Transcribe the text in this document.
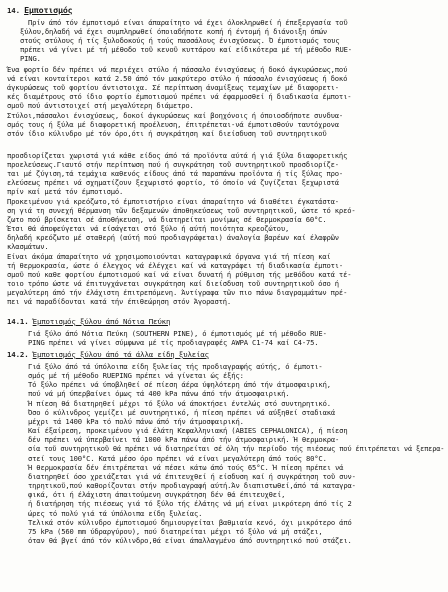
14. Εμποτισμός
Πρίν άπό τόν έμποτισμό είναι άπαραίτητο νά έχει όλοκληρωθεί ή έπεξεργασία τοῦ
ξύλου,δηλαδή νά έχει συμπληρωθεί όποιαδήποτε κοπή ή έντομή ή διάνοιξη όπών
στούς στύλους ή τίς ξυλοδοκούς ή τούς πασσάλους ένισχύσεως. Ό έμποτισμός τους
πρέπει νά γίνει μέ τή μέθοδο τοῦ κενοῦ κυττάρου καί είδικότερα μέ τή μέθοδο RUE-
PING.
Ένα φορτίο δέν πρέπει νά περιέχει στύλο ή πάσσαλο ένισχύσεως ή δοκό άγκυρώσεως,πού
νά είναι κονταίτεροι κατά 2.50 άπό τόν μακρύτερο στύλο ή πάσσαλο ένισχύσεως ή δοκό
άγκυρώσεως τοῦ φορτίου άντιστοιχα. Σέ περίπτωση άναμίξεως τεμαχίων μέ διαφορετι-
κές διαμέτρους στό ίδιο φορτίο έμποτισμού πρέπει νά έφαρμοσθεί ή διαδικασία έμποτι-
σμοῦ πού άντιστοιχεί στή μεγαλύτερη διάμετρο.
Στύλοι,πάσσαλοι ένισχύσεως, δοκοί άγκυρώσεως καί βοηχόνοις ή όποιοσδήποτε συνδυα-
σμός τους ή ξύλα μέ διαφορετική προέλευση, έπιτρέπεται-νά έμποτισθούν ταυτόχρονα
στόν ίδιο κύλινδρο μέ τόν όρο,ότι ή συγκράτηση καί διείσδυση τοῦ συντηρητικοῦ
προσδιορίζεται χωριστά γιά κάθε είδος άπό τά προϊόντα αύτά ή γιά ξύλα διαφορετικής
προελεύσεως.Γιαυτό στήν περίπτωση πού ή συγκράτηση τοῦ συντηρητικοῦ προσδιορίζε-
ται μέ ζύγιση,τά τεμάχια καθενός είδους άπό τά παραπάνω προϊόντα ή τίς ξύλας προ-
ελεύσεως πρέπει νά σχηματίζουν ξεχωριστό φορτίο, τό όποίο νά ζυγίζεται ξεχωριστά
πρίν καί μετά τόν έμποτισμό.
Προκειμένου γιά κρεόζωτο,τό έμποτιστήριο είναι άπαραίτητο νά διαθέτει έγκατάστα-
ση γιά τη συνεχή θέρμανση τῶν δεξαμενών άποθηκεύσεως τοῦ συντηρητικοῦ, ώστε τό κρεό-
ζωτο πού βρίσκεται σέ άποθήκευση, νά διατηρείται μονίμως σέ θερμοκρασία 60°C.
Έτσι θά άποφεύγεται νά είσάγεται στό ξύλο ή αύτή ποιότητα κρεοζώτου,
δηλαδή κρεόζωτο μέ σταθερή (αύτή πού προδιαγράφεται) άναλογία βαρέων καί έλαφρῶν
κλασμάτων.
Είναι άκόμα άπαραίτητο νά χρησιμοποιούνται καταγραφικά όργανα γιά τή πίεση καί
τή θερμοκρασία, ώστε ό έλεγχος νά έλέγχει καί νά καταγράφει τή διαδικασία έμποτι-
σμοῦ πού καθε φορτίου έμποτισμού καί νά είναι δυνατή ή ρύθμιση τής μεθόδου κατά τέ-
τοιο τρόπο ώστε νά έπιτυγχάνεται συγκράτηση καί διείσδυση τοῦ συντηρητικοῦ όσο ή
μεγαλύτερη άπό τήν έλάχιστη έπιτρεπόμενη. Άντίγραφα τῶν πιο πάνω διαγραμμάτων πρέ-
πει νά παραδίδονται κατά τήν έπιθεώρηση στόν Άγοραστή.
14.1. Έμποτισμός ξύλου άπό Νότια Πεύκη
Γιά ξύλο άπό Νότια Πεύκη (SOUTHERN PINE), ό έμποτισμός μέ τή μέθοδο RUE-
PING πρέπει νά γίνει σύμφωνα μέ τίς προδιαγραφές AWPA C1-74 καί C4-75.
14.2. Έμποτισμός ξύλου άπό τά άλλα είδη ξυλείας
Γιά ξύλο άπό τά ύπόλοιπα είδη ξυλείας τής προδιαγραφής αύτής, ό έμποτι-
σμός μέ τή μέθοδο RUEPING πρέπει νά γίνεται ώς έξής:
Τό ξύλο πρέπει νά ύποβληθεί σέ πίεση άέρα ύψηλότερη άπό τήν άτμοσφαιρική,
πού νά μή ύπερβαίνει όμως τά 400 kPa πάνω άπό τήν άτμοσφαιρική.
Ή πίεση θά διατηρηθεί μέχρι τό ξύλο νά άποκτήσει έντελώς στό συντηρητικό.
Όσο ό κύλινδρος γεμίζει μέ συντηρητικό, ή πίεση πρέπει νά αύξηθεί σταδιακά
μέχρι τά 1400 kPa τό πολύ πάνω άπό τήν άτμοσφαιρική.
Καί έξαίρεση, προκειμένου γιά έλάτη Κεφαλληνιακή (ABIES CEPHALONICA), ή πίεση
δέν πρέπει νά ύπερβαίνει τά 1000 kPa πάνω άπό τήν άτμοσφαιρική. Ή θερμοκρα-
σία τοῦ συντηρητικοῦ θά πρέπει νά διατηρείται σέ όλη τήν περίοδο τής πιέσεως πού έπιτρέπεται νά ξεπερα-
στεί τους 100°C. Κατά μέσο όρο πρέπει νά είναι μεγαλύτερη άπό τούς 80°C.
Ή θερμοκρασία δέν έπιτρέπεται νά πέσει κάτω άπό τούς 65°C. Ή πίεση πρέπει νά
διατηρηθεί όσο χρειάζεται γιά νά έπιτευχθεί ή είσδυση καί ή συγκράτηση τοῦ συν-
τηρητικοῦ,πού καθορίζονται στήν προδιαγραφή αύτή.Άν διαπιστωθεί,άπό τά καταγρα-
φικά, ότι ή έλάχιστη άπαιτούμενη συγκράτηση δέν θά έπιτευχθεί,
ή διατήρηση τής πιέσεως γιά τό ξύλο τής έλάτης νά μή είναι μικρότερη άπό τίς 2
ώρες τό πολύ γιά τά ύπόλοιπα είδη ξυλείας.
Τελικά στόν κύλινδρο έμποτισμού δημιουργείται βαθμιαία κενό, όχι μικρότερο άπό
75 kPa (560 mm ύδραργύρου), πού διατηρείται μέχρι τό ξύλο νά μή στάζει,
όταν θά βγεί άπό τόν κύλινδρο,θά είναι άπαλλαγμένο άπό συντηρητικό πού στάζει.
